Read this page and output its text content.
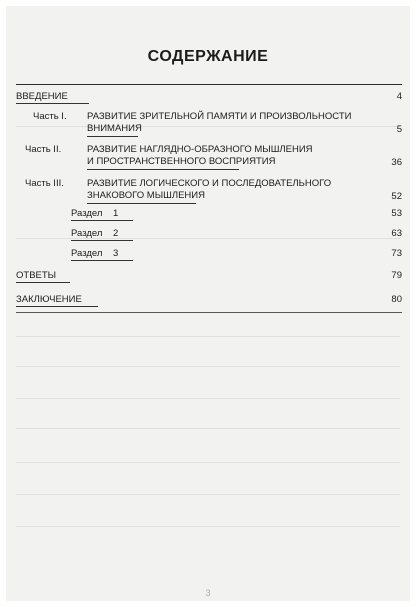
СОДЕРЖАНИЕ
ВВЕДЕНИЕ	4
Часть I. РАЗВИТИЕ ЗРИТЕЛЬНОЙ ПАМЯТИ И ПРОИЗВОЛЬНОСТИ
ВНИМАНИЯ	5
Часть II.	РАЗВИТИЕ НАГЛЯДНО-ОБРАЗНОГО МЫШЛЕНИЯ
И ПРОСТРАНСТВЕННОГО ВОСПРИЯТИЯ	36
Часть III. РАЗВИТИЕ ЛОГИЧЕСКОГО И ПОСЛЕДОВАТЕЛЬНОГО
ЗНАКОВОГО МЫШЛЕНИЯ	52
Раздел 1	53
Раздел 2	63
Раздел 3	73
ОТВЕТЫ	79
ЗАКЛЮЧЕНИЕ	80
3
